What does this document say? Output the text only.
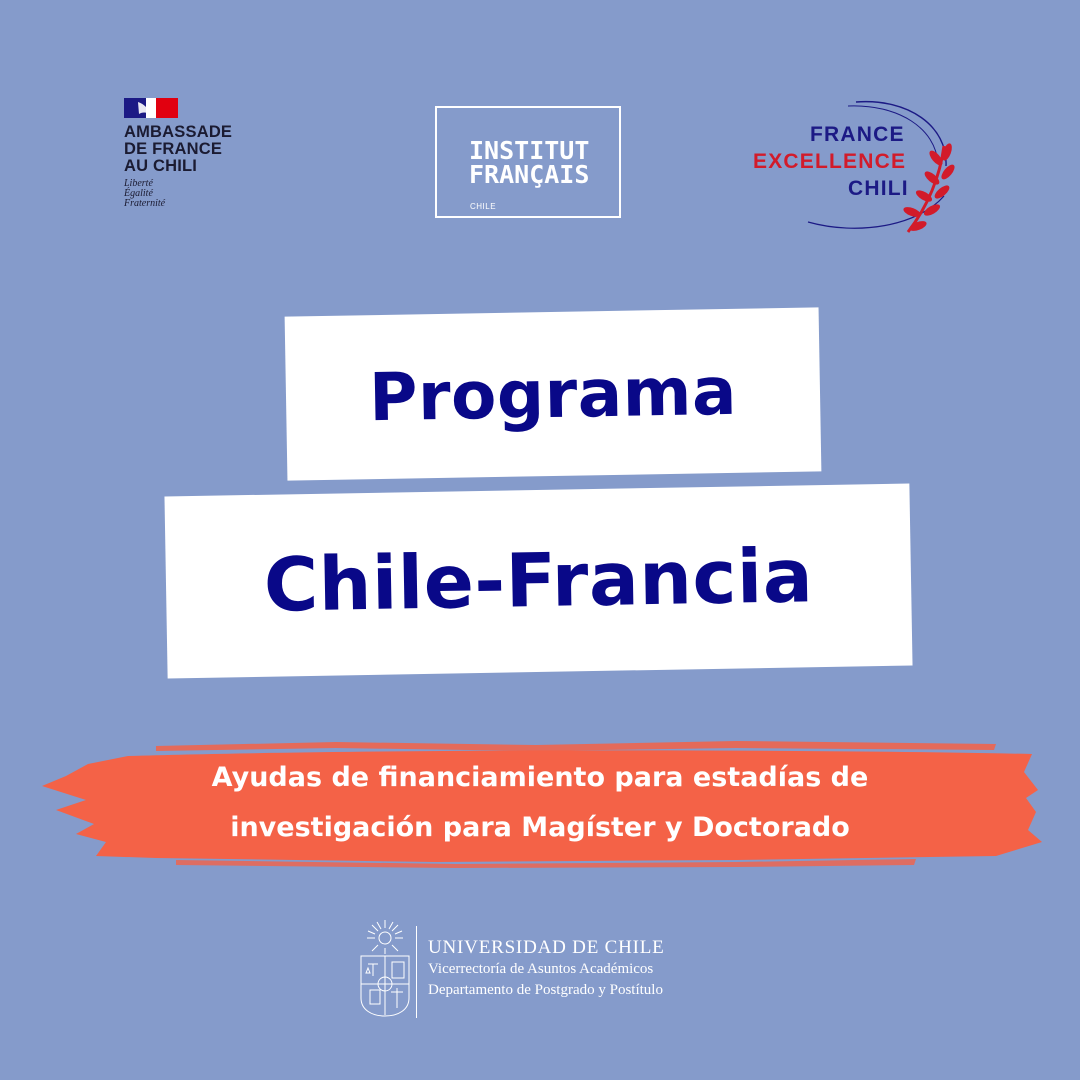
AMBASSADE
DE FRANCE
AU CHILI
Liberté
Égalité
Fraternité
INSTITUT
FRANÇAIS
CHILE
FRANCE
EXCELLENCE
CHILI
Programa
Chile-Francia
Ayudas de financiamiento para estadías de
investigación para Magíster y Doctorado
UNIVERSIDAD DE CHILE
Vicerrectoría de Asuntos Académicos
Departamento de Postgrado y Postítulo
